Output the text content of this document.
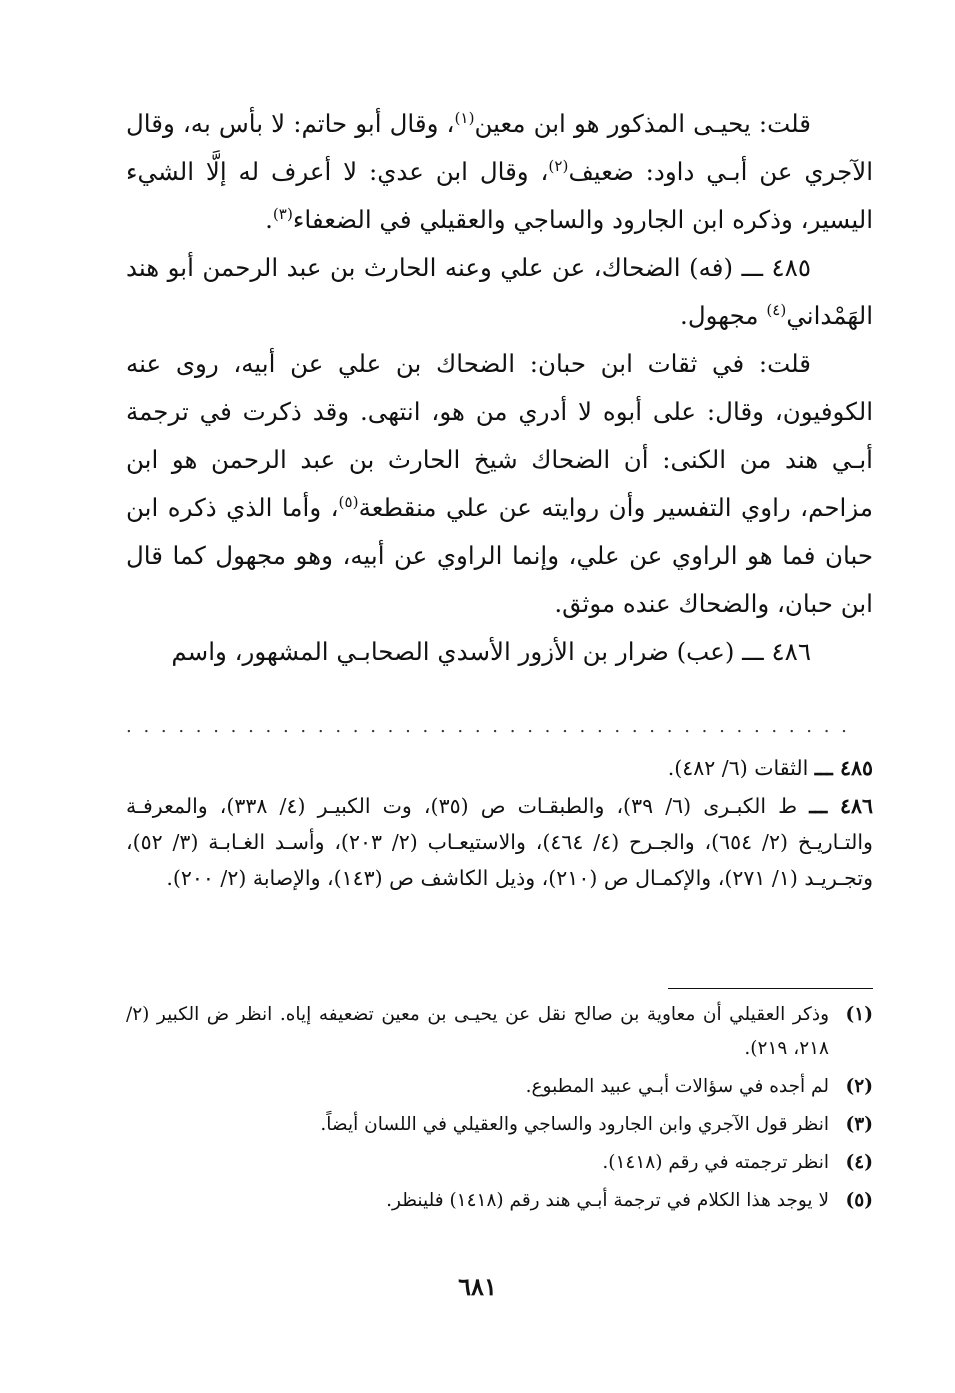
قلت: يحيـى المذكور هو ابن معين$^{(١)}$، وقال أبو حاتم: لا بأس به، وقال الآجري عن أبـي داود: ضعيف$^{(٢)}$، وقال ابن عدي: لا أعرف له إلَّا الشيء اليسير، وذكره ابن الجارود والساجي والعقيلي في الضعفاء$^{(٣)}$.

٤٨٥ ـــ (فه) الضحاك، عن علي وعنه الحارث بن عبد الرحمن أبو هند الهَمْداني$^{(٤)}$ مجهول.

قلت: في ثقات ابن حبان: الضحاك بن علي عن أبيه، روى عنه الكوفيون، وقال: على أبوه لا أدري من هو، انتهى. وقد ذكرت في ترجمة أبـي هند من الكنى: أن الضحاك شيخ الحارث بن عبد الرحمن هو ابن مزاحم، راوي التفسير وأن روايته عن علي منقطعة$^{(٥)}$، وأما الذي ذكره ابن حبان فما هو الراوي عن علي، وإنما الراوي عن أبيه، وهو مجهول كما قال ابن حبان، والضحاك عنده موثق.

٤٨٦ ـــ (عب) ضرار بن الأزور الأسدي الصحابـي المشهور، واسم

. . . . . . . . . . . . . . . . . . . . . . . . . . . . . . . . . . . . . . . . . .

٤٨٥ ـــ الثقات (٦/ ٤٨٢).

٤٨٦ ـــ ط الكبـرى (٦/ ٣٩)، والطبقـات ص (٣٥)، وت الكبيـر (٤/ ٣٣٨)، والمعرفـة والتـاريـخ (٢/ ٦٥٤)، والجـرح (٤/ ٤٦٤)، والاستيعـاب (٢/ ٢٠٣)، وأسـد الغـابـة (٣/ ٥٢)، وتجـريـد (١/ ٢٧١)، والإكمـال ص (٢١٠)، وذيل الكاشف ص (١٤٣)، والإصابة (٢/ ٢٠٠).

(١)
وذكر العقيلي أن معاوية بن صالح نقل عن يحيـى بن معين تضعيفه إياه. انظر ض الكبير (٢/ ٢١٨، ٢١٩).
(٢)
لم أجده في سؤالات أبـي عبيد المطبوع.
(٣)
انظر قول الآجري وابن الجارود والساجي والعقيلي في اللسان أيضاً.
(٤)
انظر ترجمته في رقم (١٤١٨).
(٥)
لا يوجد هذا الكلام في ترجمة أبـي هند رقم (١٤١٨) فلينظر.
٦٨١
